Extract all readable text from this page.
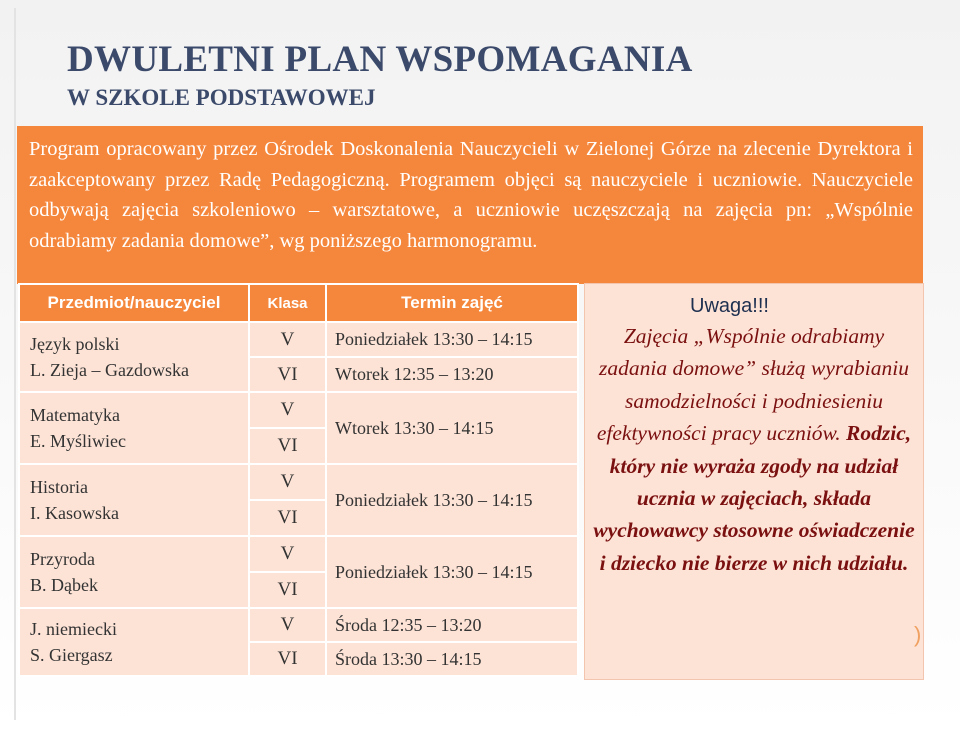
DWULETNI PLAN WSPOMAGANIA
W SZKOLE PODSTAWOWEJ
Program opracowany przez Ośrodek Doskonalenia Nauczycieli w Zielonej Górze na zlecenie Dyrektora i zaakceptowany przez Radę Pedagogiczną. Programem objęci są nauczyciele i uczniowie. Nauczyciele odbywają zajęcia szkoleniowo – warsztatowe, a uczniowie uczęszczają na zajęcia pn: „Wspólnie odrabiamy zadania domowe”, wg poniższego harmonogramu.
Przedmiot/nauczyciel	Klasa	Termin zajęć

Język polski
L. Zieja – Gazdowska	V	Poniedziałek 13:30 – 14:15
	VI	Wtorek 12:35 – 13:20

Matematyka
E. Myśliwiec	V	Wtorek 13:30 – 14:15
	VI	

Historia
I. Kasowska	V	Poniedziałek 13:30 – 14:15
	VI	

Przyroda
B. Dąbek	V	Poniedziałek 13:30 – 14:15
	VI	

J. niemiecki
S. Giergasz	V	Środa 12:35 – 13:20
	VI	Środa 13:30 – 14:15
Uwaga!!!
Zajęcia „Wspólnie odrabiamy zadania domowe” służą wyrabianiu samodzielności i podniesieniu efektywności pracy uczniów. Rodzic, który nie wyraża zgody na udział ucznia w zajęciach, składa wychowawcy stosowne oświadczenie i dziecko nie bierze w nich udziału.
)
